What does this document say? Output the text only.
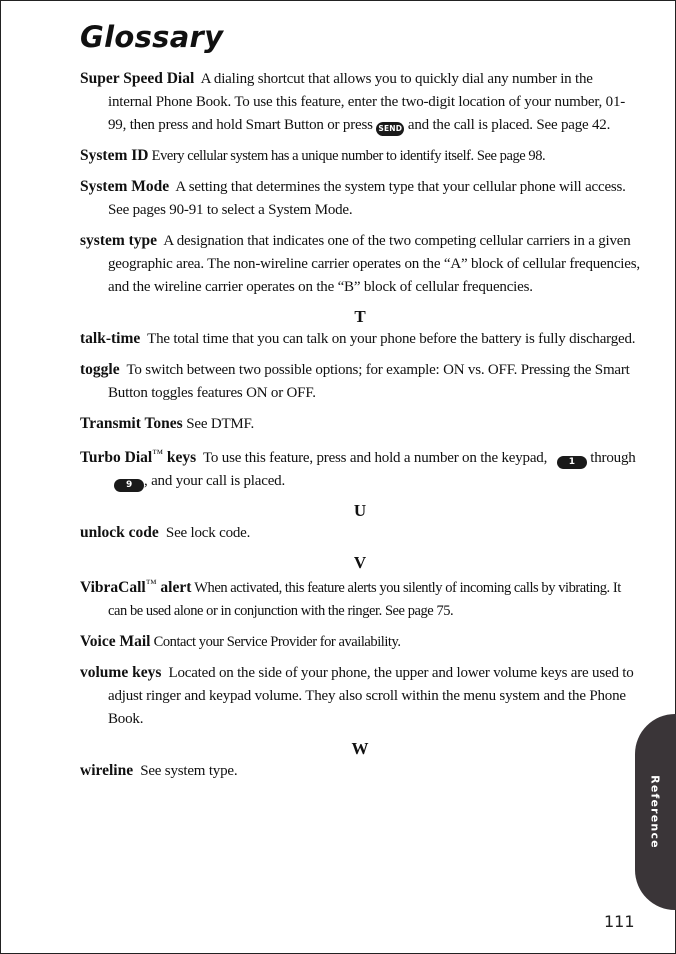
Glossary

Super Speed Dial A dialing shortcut that allows you to quickly dial any number in the internal Phone Book. To use this feature, enter the two-digit location of your number, 01-99, then press and hold Smart Button or press SEND and the call is placed. See page 42.

System ID Every cellular system has a unique number to identify itself. See page 98.

System Mode A setting that determines the system type that your cellular phone will access. See pages 90-91 to select a System Mode.

system type A designation that indicates one of the two competing cellular carriers in a given geographic area. The non-wireline carrier operates on the “A” block of cellular frequencies, and the wireline carrier operates on the “B” block of cellular frequencies.

T

talk-time The total time that you can talk on your phone before the battery is fully discharged.

toggle To switch between two possible options; for example: ON vs. OFF. Pressing the Smart Button toggles features ON or OFF.

Transmit Tones See DTMF.

Turbo Dial™ keys To use this feature, press and hold a number on the keypad, 1 through 9 , and your call is placed.

U

unlock code See lock code.

V

VibraCall™ alert When activated, this feature alerts you silently of incoming calls by vibrating. It can be used alone or in conjunction with the ringer. See page 75.

Voice Mail Contact your Service Provider for availability.

volume keys Located on the side of your phone, the upper and lower volume keys are used to adjust ringer and keypad volume. They also scroll within the menu system and the Phone Book.

W

wireline See system type.

Reference
111
